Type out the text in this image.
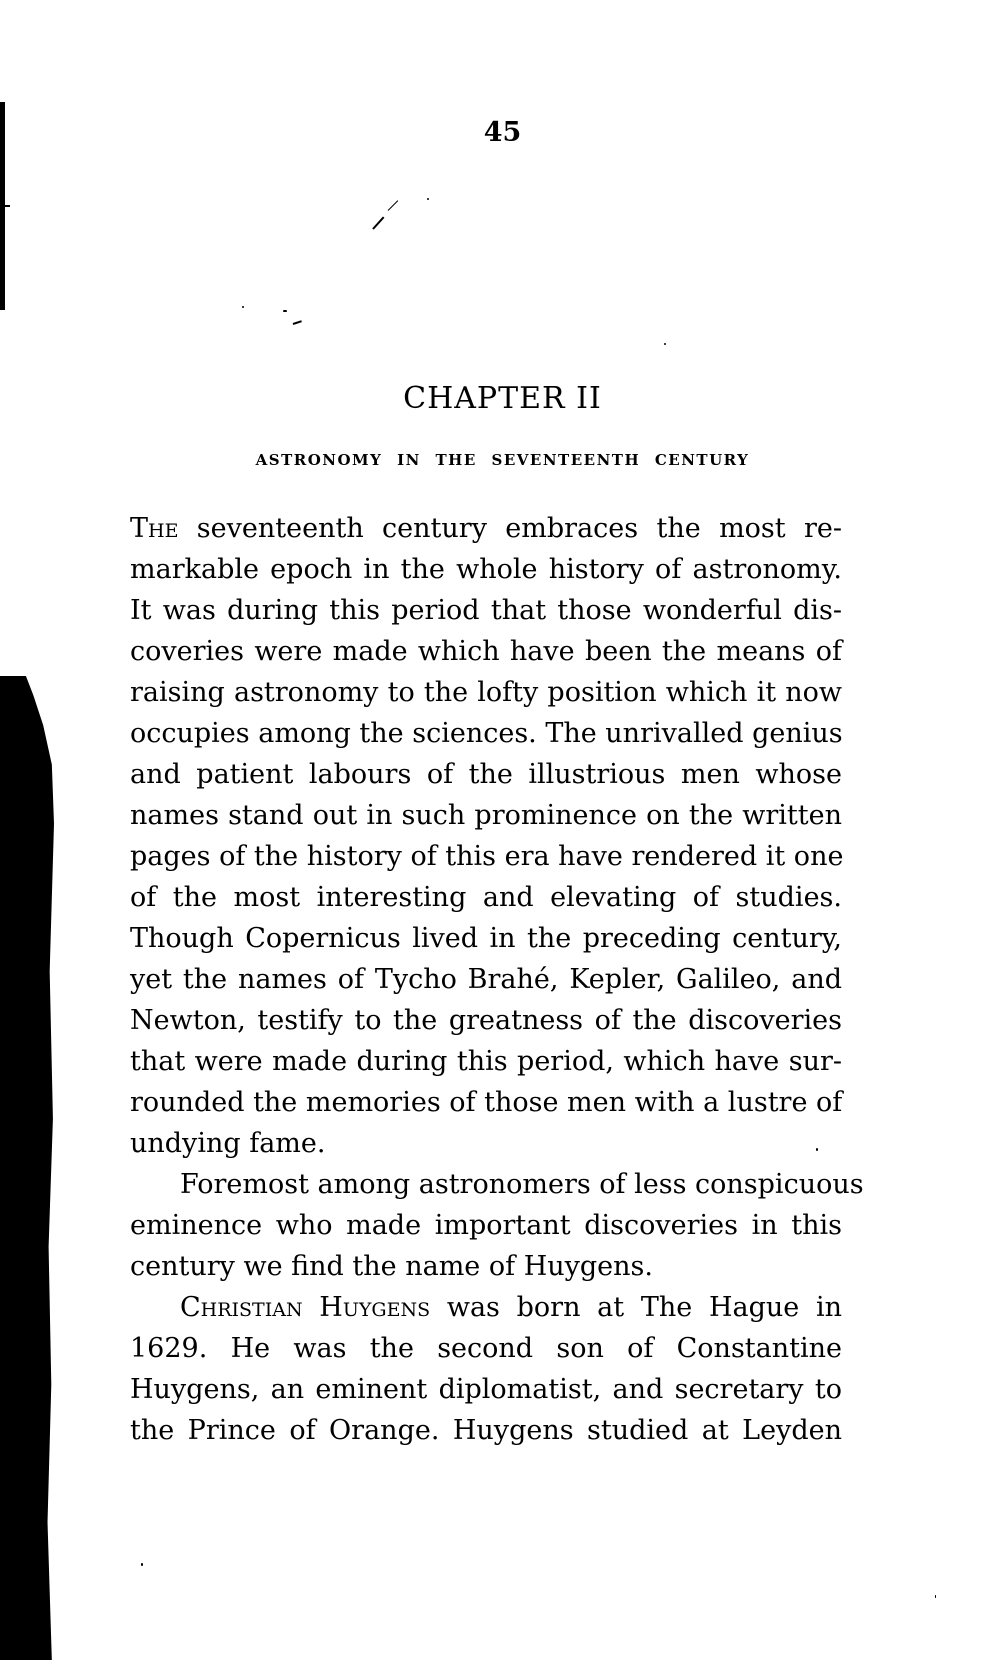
45
CHAPTER II
ASTRONOMY IN THE SEVENTEENTH CENTURY
The seventeenth century embraces the most re-
markable epoch in the whole history of astronomy.
It was during this period that those wonderful dis-
coveries were made which have been the means of
raising astronomy to the lofty position which it now
occupies among the sciences. The unrivalled genius
and patient labours of the illustrious men whose
names stand out in such prominence on the written
pages of the history of this era have rendered it one
of the most interesting and elevating of studies.
Though Copernicus lived in the preceding century,
yet the names of Tycho Brahé, Kepler, Galileo, and
Newton, testify to the greatness of the discoveries
that were made during this period, which have sur-
rounded the memories of those men with a lustre of
undying fame.
Foremost among astronomers of less conspicuous
eminence who made important discoveries in this
century we find the name of Huygens.
Christian Huygens was born at The Hague in
1629. He was the second son of Constantine
Huygens, an eminent diplomatist, and secretary to
the Prince of Orange. Huygens studied at Leyden
